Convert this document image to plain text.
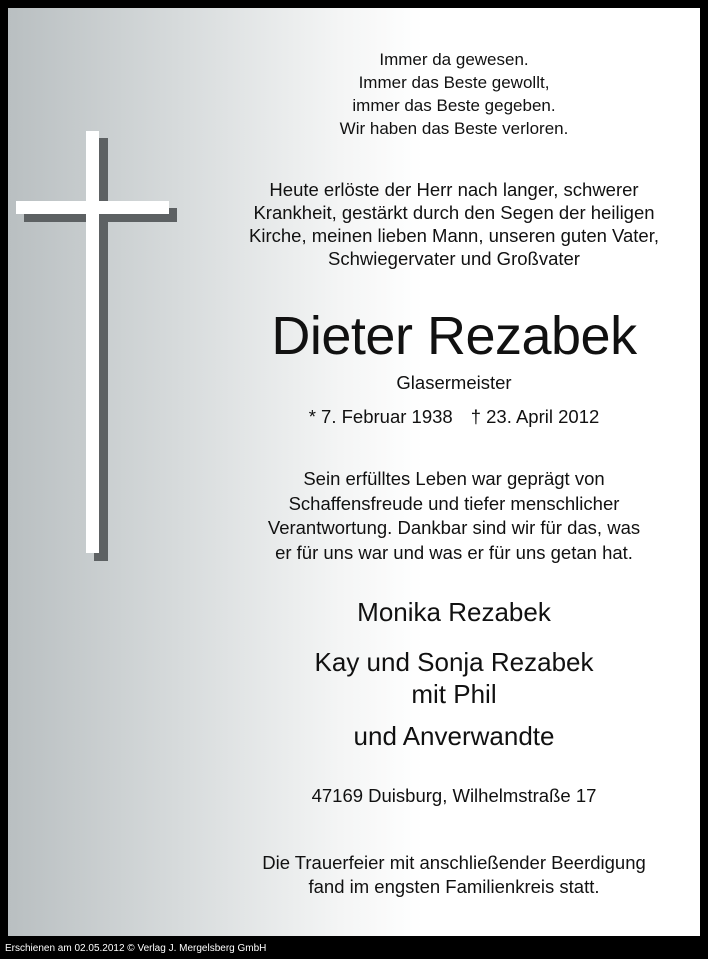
Immer da gewesen.
Immer das Beste gewollt,
immer das Beste gegeben.
Wir haben das Beste verloren.

Heute erlöste der Herr nach langer, schwerer
Krankheit, gestärkt durch den Segen der heiligen
Kirche, meinen lieben Mann, unseren guten Vater,
Schwiegervater und Großvater

Dieter Rezabek

Glasermeister

* 7. Februar 1938 † 23. April 2012

Sein erfülltes Leben war geprägt von
Schaffensfreude und tiefer menschlicher
Verantwortung. Dankbar sind wir für das, was
er für uns war und was er für uns getan hat.

Monika Rezabek

Kay und Sonja Rezabek

mit Phil

und Anverwandte

47169 Duisburg, Wilhelmstraße 17

Die Trauerfeier mit anschließender Beerdigung
fand im engsten Familienkreis statt.

Erschienen am 02.05.2012 © Verlag J. Mergelsberg GmbH
